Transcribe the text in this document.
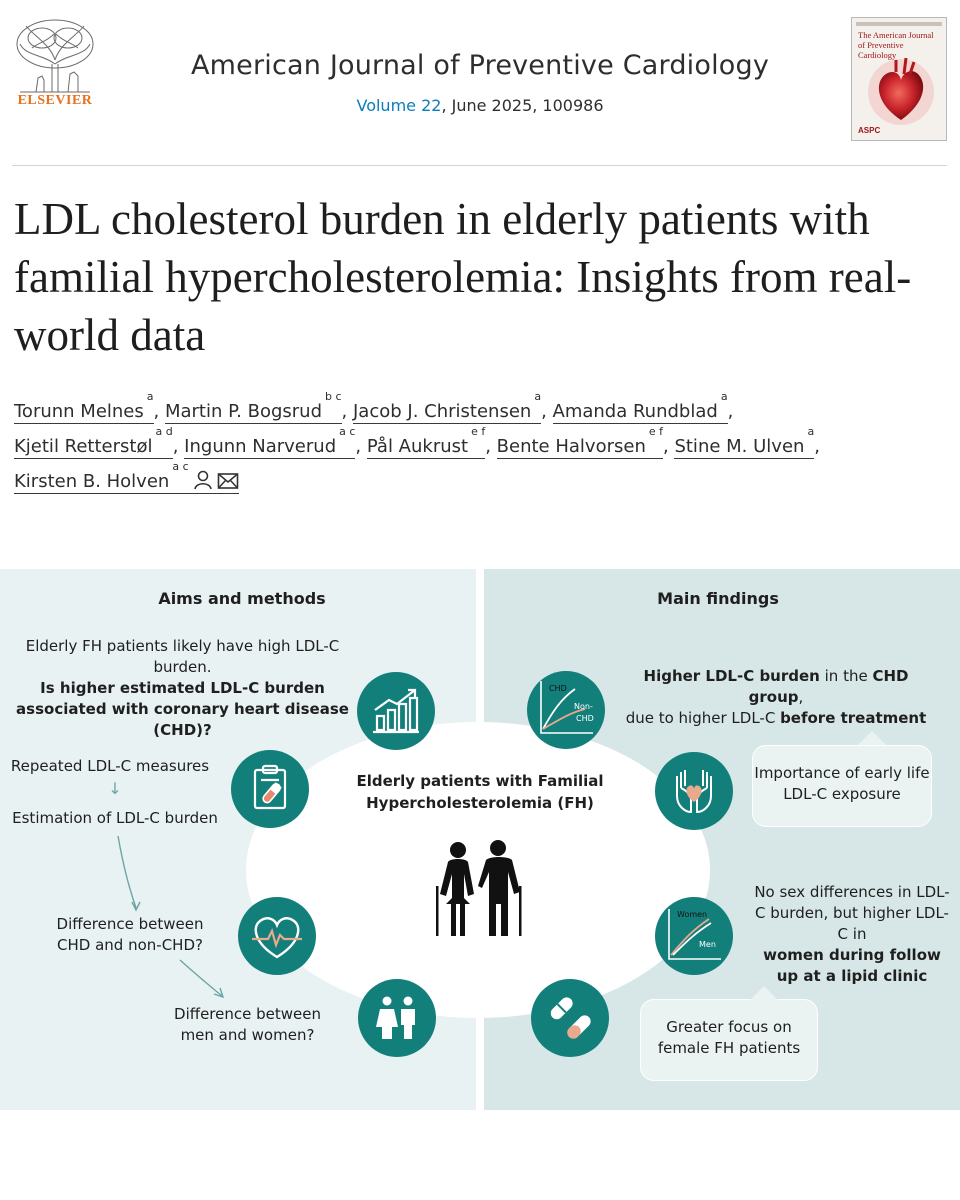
ELSEVIER
American Journal of Preventive Cardiology
Volume 22, June 2025, 100986
The American Journal of Preventive Cardiology
ASPC
LDL cholesterol burden in elderly patients with familial hypercholesterolemia: Insights from real-world data
Torunn Melnes$^a$, Martin P. Bogsrud$^{b c}$, Jacob J. Christensen$^a$, Amanda Rundblad$^a$,
Kjetil Retterstøl$^{a d}$, Ingunn Narverud$^{a c}$, Pål Aukrust$^{e f}$, Bente Halvorsen$^{e f}$, Stine M. Ulven$^a$,
Kirsten B. Holven$^{a c}$
Aims and methods	Main findings
Elderly FH patients likely have high LDL-C burden.
Is higher estimated LDL-C burden associated with coronary heart disease (CHD)?
Repeated LDL-C measures
↓
Estimation of LDL-C burden
Difference between CHD and non-CHD?
Difference between men and women?
Elderly patients with Familial Hypercholesterolemia (FH)
CHD
Non-
CHD
Women
Men
Higher LDL-C burden in the CHD group,
due to higher LDL-C before treatment
Importance of early life LDL-C exposure
No sex differences in LDL-C burden, but higher LDL-C in
women during follow up at a lipid clinic
Greater focus on female FH patients
